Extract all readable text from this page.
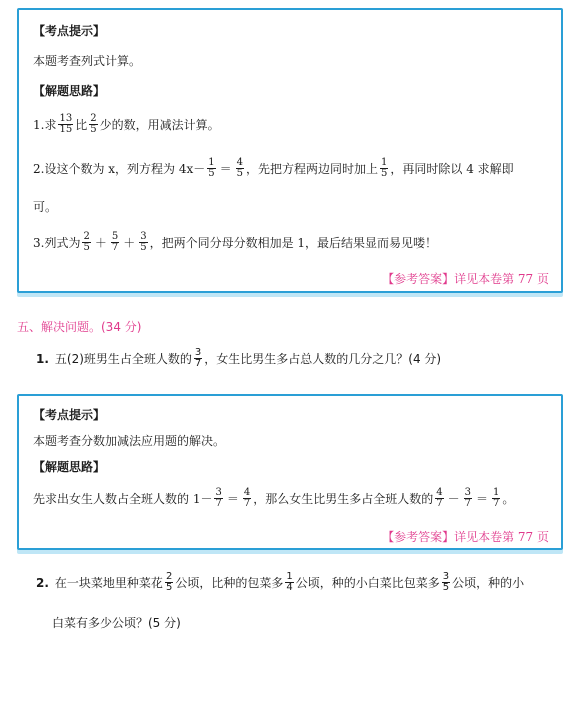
【考点提示】
本题考查列式计算。
【解题思路】
1.求 $\frac{13}{15}$ 比 $\frac{2}{5}$ 少的数，用减法计算。
2.设这个数为 x，列方程为 $4x- \frac{1}{5} = \frac{4}{5}$ ，先把方程两边同时加上 $\frac{1}{5}$ ，再同时除以 4 求解即
可。
3.列式为 $\frac{2}{5} + \frac{5}{7} + \frac{3}{5}$ ，把两个同分母分数相加是 1，最后结果显而易见喽！
【参考答案】详见本卷第 77 页
五、解决问题。(34 分)
1. 五(2)班男生占全班人数的 $\frac{3}{7}$ ，女生比男生多占总人数的几分之几？(4 分)
【考点提示】
本题考查分数加减法应用题的解决。
【解题思路】
先求出女生人数占全班人数的 $1- \frac{3}{7} = \frac{4}{7}$ ，那么女生比男生多占全班人数的 $\frac{4}{7} - \frac{3}{7} = \frac{1}{7}$ 。
【参考答案】详见本卷第 77 页
2. 在一块菜地里种菜花 $\frac{2}{5}$ 公顷，比种的包菜多 $\frac{1}{4}$ 公顷，种的小白菜比包菜多 $\frac{3}{5}$ 公顷，种的小
白菜有多少公顷？(5 分)
